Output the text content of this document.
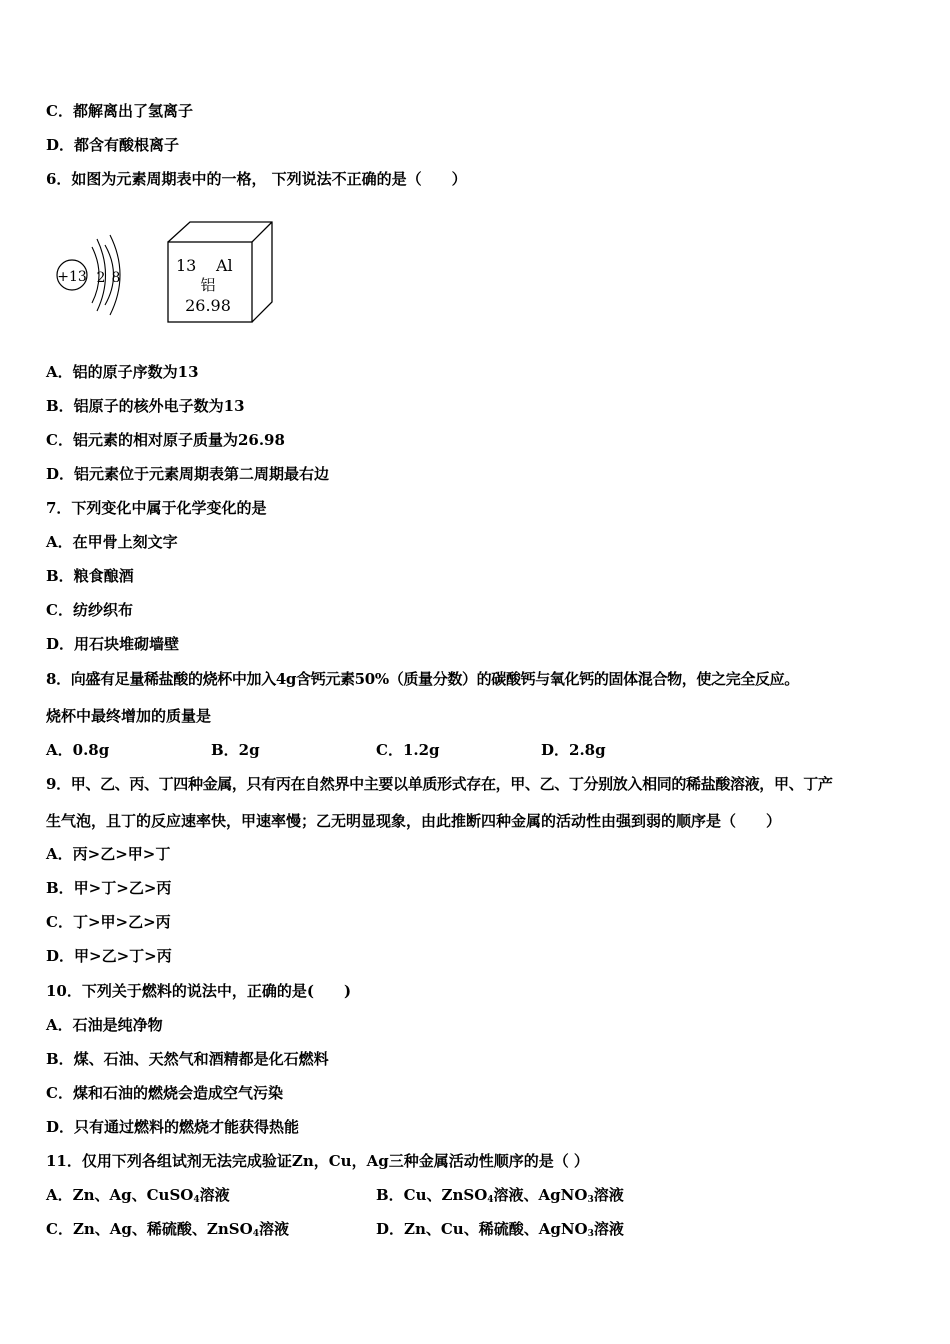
C．都解离出了氢离子
D．都含有酸根离子
6．如图为元素周期表中的一格， 下列说法不正确的是（　　）
+13 2 8
13 Al
铝
26.98
A．铝的原子序数为13
B．铝原子的核外电子数为13
C．铝元素的相对原子质量为26.98
D．铝元素位于元素周期表第二周期最右边
7．下列变化中属于化学变化的是
A．在甲骨上刻文字
B．粮食酿酒
C．纺纱织布
D．用石块堆砌墙壁
8．向盛有足量稀盐酸的烧杯中加入4g含钙元素50%（质量分数）的碳酸钙与氧化钙的固体混合物，使之完全反应。
烧杯中最终增加的质量是
A．0.8g	B．2g	C．1.2g	D．2.8g
9．甲、乙、丙、丁四种金属，只有丙在自然界中主要以单质形式存在，甲、乙、丁分别放入相同的稀盐酸溶液，甲、丁产
生气泡，且丁的反应速率快，甲速率慢；乙无明显现象，由此推断四种金属的活动性由强到弱的顺序是（　　）
A．丙>乙>甲>丁
B．甲>丁>乙>丙
C．丁>甲>乙>丙
D．甲>乙>丁>丙
10．下列关于燃料的说法中，正确的是(　　)
A．石油是纯净物
B．煤、石油、天然气和酒精都是化石燃料
C．煤和石油的燃烧会造成空气污染
D．只有通过燃料的燃烧才能获得热能
11．仅用下列各组试剂无法完成验证Zn，Cu，Ag三种金属活动性顺序的是（ ）
A．Zn、Ag、CuSO$_4$溶液	B．Cu、ZnSO$_4$溶液、AgNO$_3$溶液
C．Zn、Ag、稀硫酸、ZnSO$_4$溶液	D．Zn、Cu、稀硫酸、AgNO$_3$溶液
